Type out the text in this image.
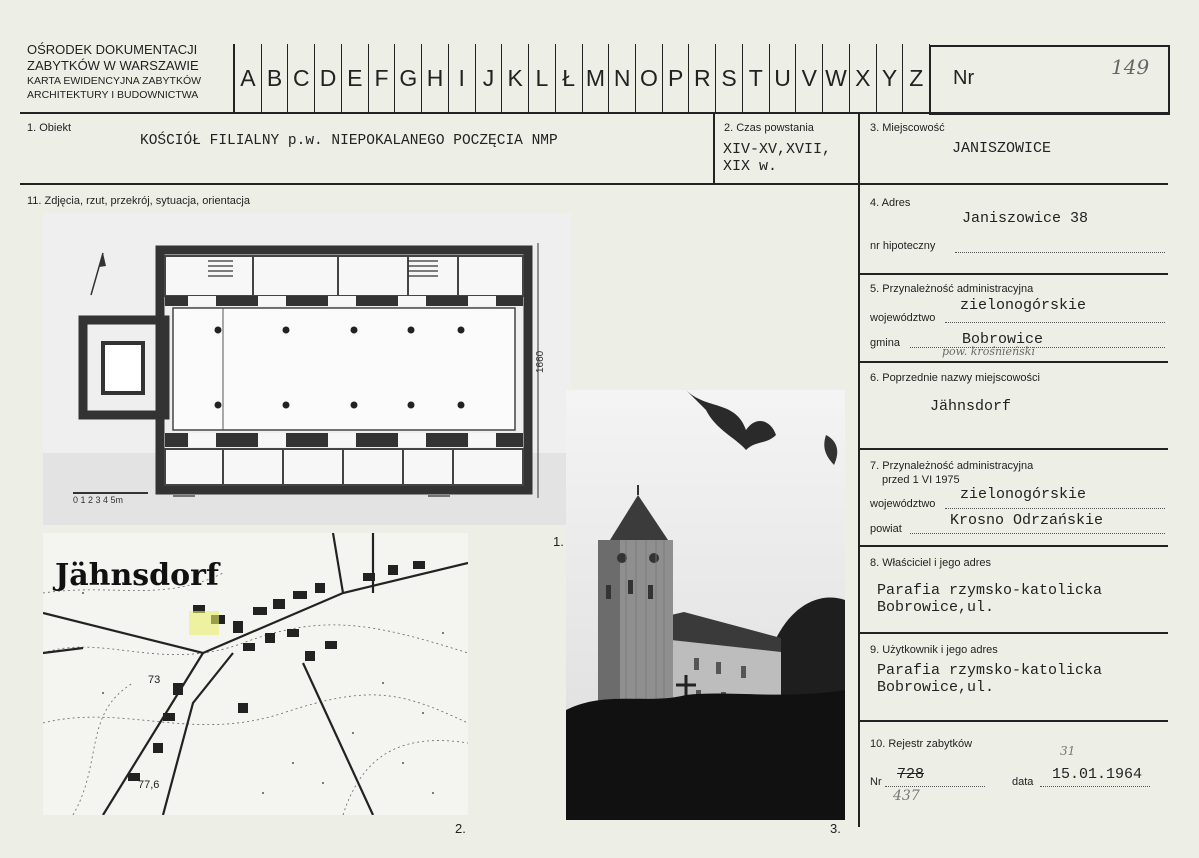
OŚRODEK DOKUMENTACJI
ZABYTKÓW W WARSZAWIE
KARTA EWIDENCYJNA ZABYTKÓW
ARCHITEKTURY I BUDOWNICTWA
A B C D E F G H I J K L Ł M N O P R S T U V W X Y Z	Nr	149
1. Obiekt
KOŚCIÓŁ FILIALNY p.w. NIEPOKALANEGO POCZĘCIA NMP
2. Czas powstania
XIV-XV,XVII,
XIX w.
3. Miejscowość
JANISZOWICE
4. Adres
Janiszowice 38
nr hipoteczny
5. Przynależność administracyjna
województwo
zielonogórskie
gmina	Bobrowice
pow. krośnieński
6. Poprzednie nazwy miejscowości
Jähnsdorf
7. Przynależność administracyjna
przed 1 VI 1975
województwo
zielonogórskie
powiat	Krosno Odrzańskie
8. Właściciel i jego adres
Parafia rzymsko-katolicka
Bobrowice,ul.
9. Użytkownik i jego adres
Parafia rzymsko-katolicka
Bobrowice,ul.
10. Rejestr zabytków
Nr 728
437
data 15.01.1964
31
11. Zdjęcia, rzut, przekrój, sytuacja, orientacja
1660
0 1 2 3 4 5m
1.
Jähnsdorf
73
77,6
2.	3.
